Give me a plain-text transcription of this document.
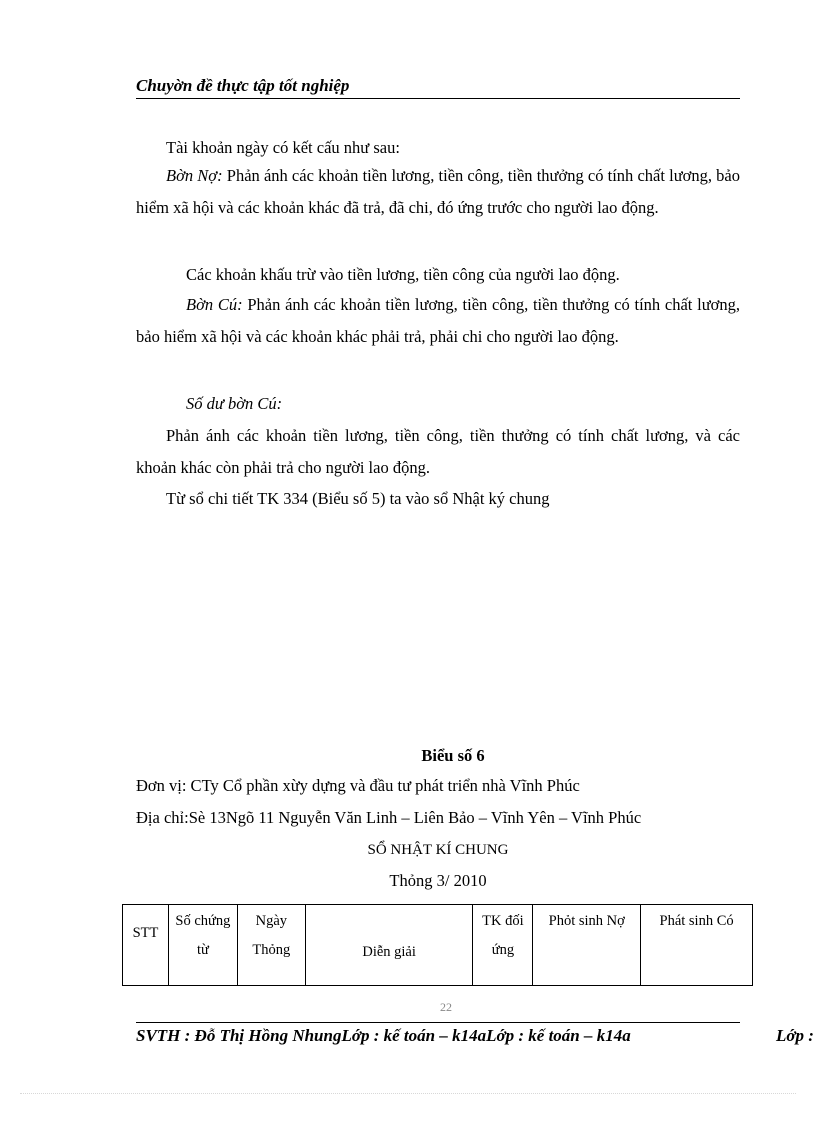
Chuyờn đề thực tập tốt nghiệp
Tài khoản ngày có kết cấu như sau:
Bờn Nợ: Phản ánh các khoản tiền lương, tiền công, tiền thưởng có tính chất lương, bảo hiểm xã hội và các khoản khác đã trả, đã chi, đó ứng trước cho người lao động.
Các khoản khấu trừ vào tiền lương, tiền công của người lao động.
Bờn Cú: Phản ánh các khoản tiền lương, tiền công, tiền thưởng có tính chất lương, bảo hiểm xã hội và các khoản khác phải trả, phải chi cho người lao động.
Số dư bờn Cú:
Phản ánh các khoản tiền lương, tiền công, tiền thưởng có tính chất lương, và các khoản khác còn phải trả cho người lao động.
Từ sổ chi tiết TK 334 (Biểu số 5) ta vào sổ Nhật ký chung
Biểu số 6
Đơn vị: CTy Cổ phần xừy dựng và đầu tư phát triển nhà Vĩnh Phúc
Địa chỉ:Sè 13Ngõ 11 Nguyễn Văn Linh – Liên Bảo – Vĩnh Yên – Vĩnh Phúc
SỔ NHẬT KÍ CHUNG
Thỏng 3/ 2010
STT	Số chứng từ	Ngày Thỏng	Diễn giải	TK đối ứng	Phỏt sinh Nợ	Phát sinh Có
22
SVTH : Đỗ Thị Hồng NhungLớp : kế toán – k14aLớp : kế toán – k14a	Lớp :
